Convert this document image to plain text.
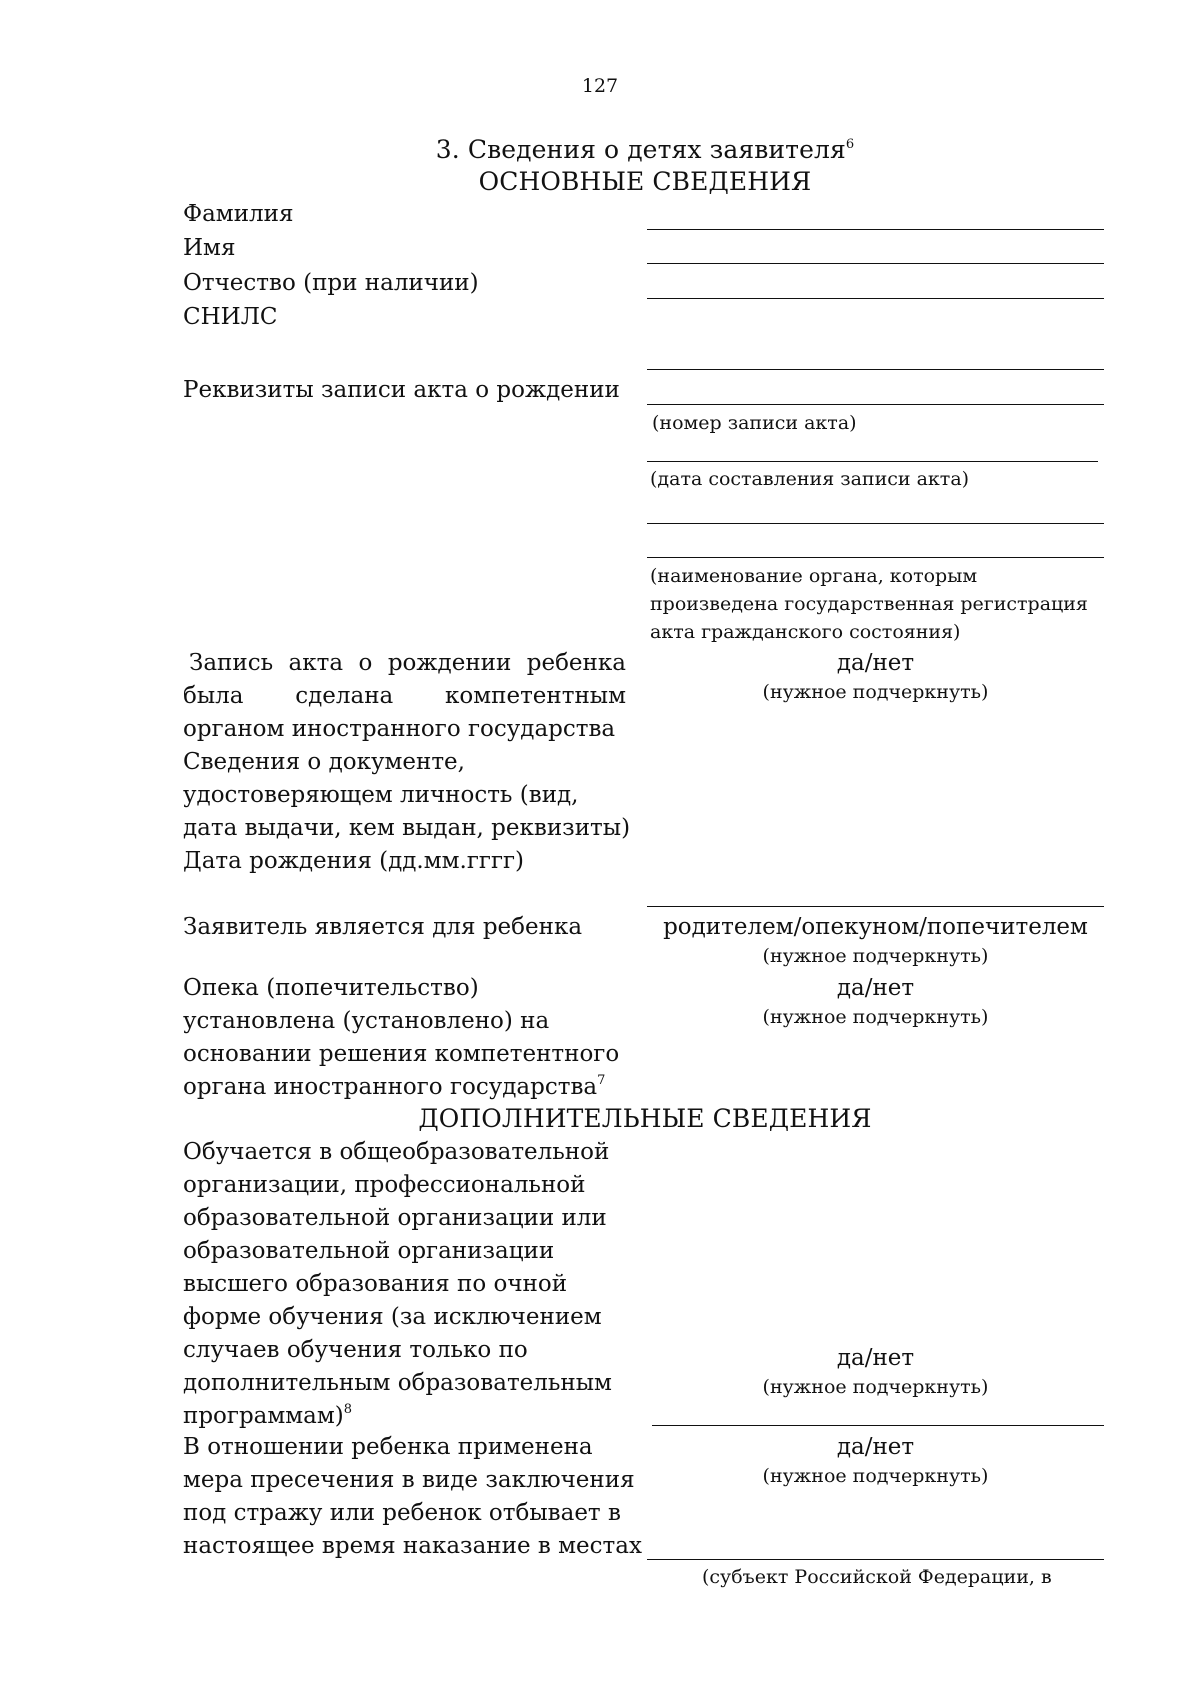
127
3. Сведения о детях заявителя$^6$
ОСНОВНЫЕ СВЕДЕНИЯ
Фамилия
Имя
Отчество (при наличии)
СНИЛС
Реквизиты записи акта о рождении
(номер записи акта)
(дата составления записи акта)
(наименование органа, которым
произведена государственная регистрация
акта гражданского состояния)
Запись акта о рождении ребенка
была сделана компетентным
органом иностранного государства
да/нет
(нужное подчеркнуть)
Сведения о документе,
удостоверяющем личность (вид,
дата выдачи, кем выдан, реквизиты)
Дата рождения (дд.мм.гггг)
Заявитель является для ребенка	родителем/опекуном/попечителем
(нужное подчеркнуть)
Опека (попечительство)
установлена (установлено) на
основании решения компетентного
органа иностранного государства$^7$
да/нет
(нужное подчеркнуть)
ДОПОЛНИТЕЛЬНЫЕ СВЕДЕНИЯ
Обучается в общеобразовательной
организации, профессиональной
образовательной организации или
образовательной организации
высшего образования по очной
форме обучения (за исключением
случаев обучения только по
дополнительным образовательным
программам)$^8$
да/нет
(нужное подчеркнуть)
В отношении ребенка применена
мера пресечения в виде заключения
под стражу или ребенок отбывает в
настоящее время наказание в местах
да/нет
(нужное подчеркнуть)
(субъект Российской Федерации, в
